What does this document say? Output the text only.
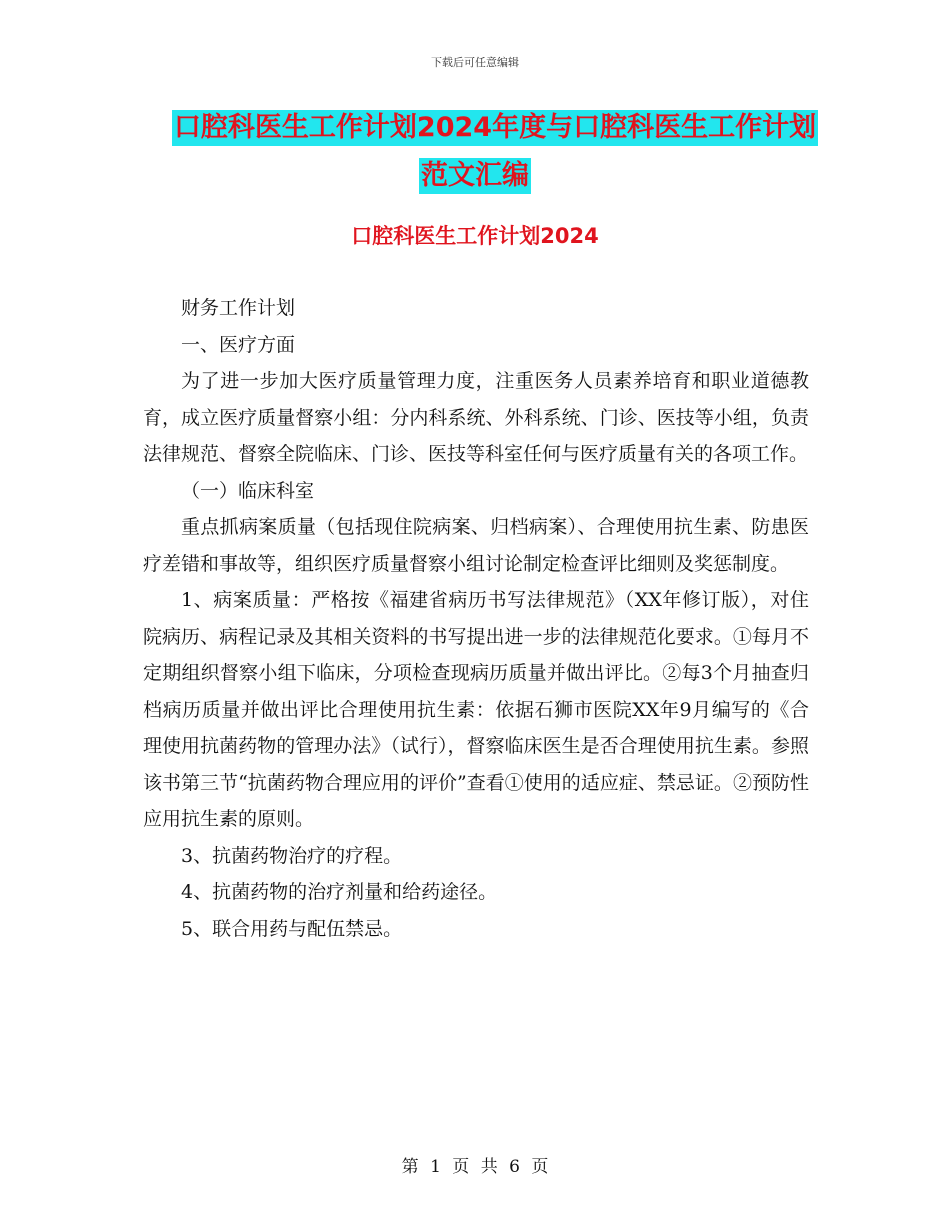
下载后可任意编辑
口腔科医生工作计划2024年度与口腔科医生工作计划
范文汇编
口腔科医生工作计划2024

财务工作计划

一、医疗方面

为了进一步加大医疗质量管理力度，注重医务人员素养培育和职业道德教育，成立医疗质量督察小组：分内科系统、外科系统、门诊、医技等小组，负责法律规范、督察全院临床、门诊、医技等科室任何与医疗质量有关的各项工作。

（一）临床科室

重点抓病案质量（包括现住院病案、归档病案）、合理使用抗生素、防患医疗差错和事故等，组织医疗质量督察小组讨论制定检查评比细则及奖惩制度。

1、病案质量：严格按《福建省病历书写法律规范》（XX年修订版），对住院病历、病程记录及其相关资料的书写提出进一步的法律规范化要求。①每月不定期组织督察小组下临床，分项检查现病历质量并做出评比。②每3个月抽查归档病历质量并做出评比合理使用抗生素：依据石狮市医院XX年9月编写的《合理使用抗菌药物的管理办法》（试行），督察临床医生是否合理使用抗生素。参照该书第三节“抗菌药物合理应用的评价”查看①使用的适应症、禁忌证。②预防性应用抗生素的原则。

3、抗菌药物治疗的疗程。

4、抗菌药物的治疗剂量和给药途径。

5、联合用药与配伍禁忌。

第 1 页 共 6 页
